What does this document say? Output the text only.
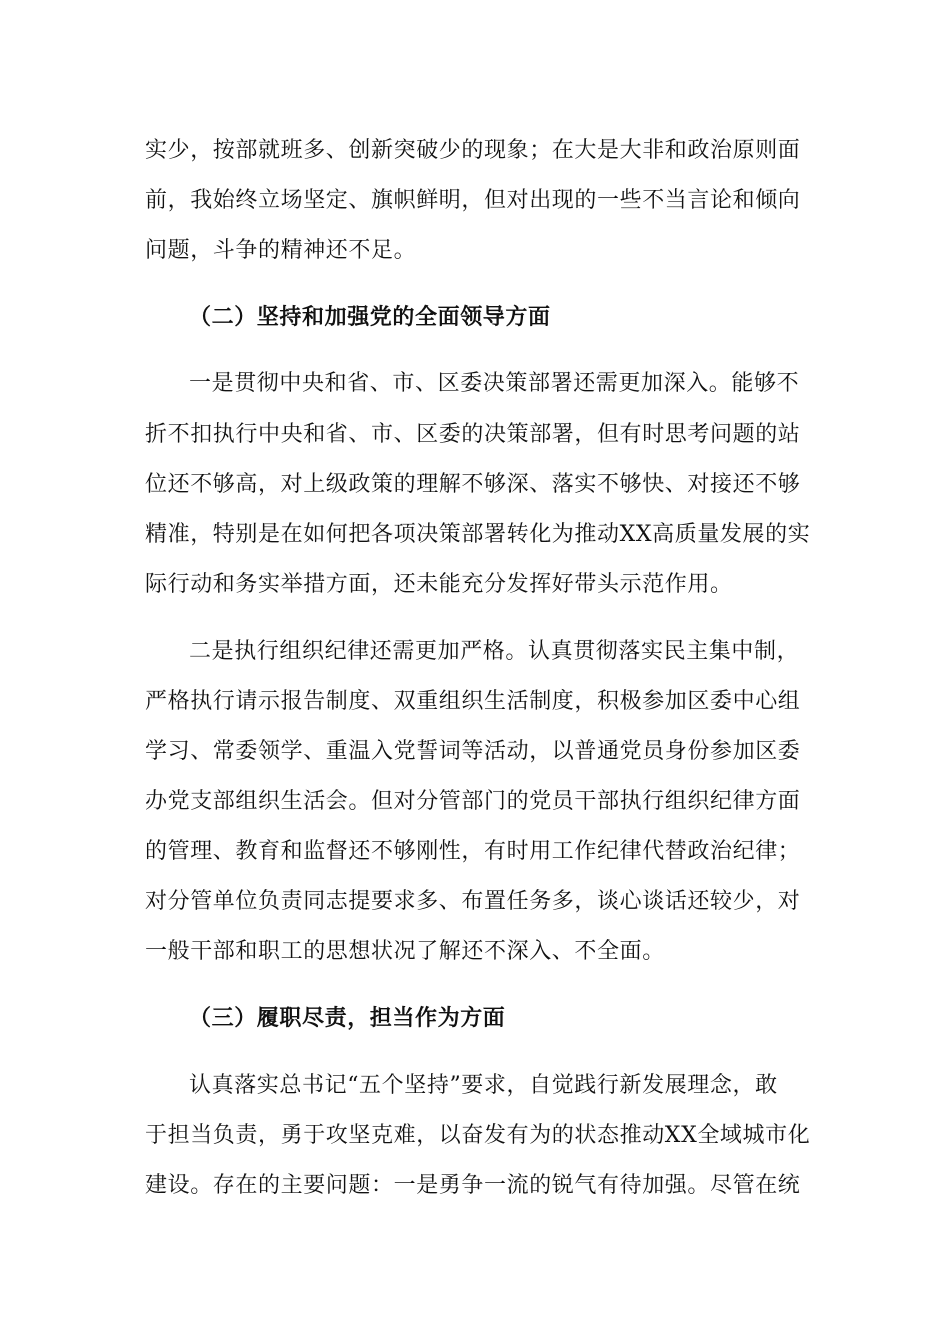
实少，按部就班多、创新突破少的现象；在大是大非和政治原则面
前，我始终立场坚定、旗帜鲜明，但对出现的一些不当言论和倾向
问题，斗争的精神还不足。
（二）坚持和加强党的全面领导方面
一是贯彻中央和省、市、区委决策部署还需更加深入。能够不
折不扣执行中央和省、市、区委的决策部署，但有时思考问题的站
位还不够高，对上级政策的理解不够深、落实不够快、对接还不够
精准，特别是在如何把各项决策部署转化为推动XX高质量发展的实
际行动和务实举措方面，还未能充分发挥好带头示范作用。
二是执行组织纪律还需更加严格。认真贯彻落实民主集中制，
严格执行请示报告制度、双重组织生活制度，积极参加区委中心组
学习、常委领学、重温入党誓词等活动，以普通党员身份参加区委
办党支部组织生活会。但对分管部门的党员干部执行组织纪律方面
的管理、教育和监督还不够刚性，有时用工作纪律代替政治纪律；
对分管单位负责同志提要求多、布置任务多，谈心谈话还较少，对
一般干部和职工的思想状况了解还不深入、不全面。
（三）履职尽责，担当作为方面
认真落实总书记“五个坚持”要求，自觉践行新发展理念，敢
于担当负责，勇于攻坚克难，以奋发有为的状态推动XX全域城市化
建设。存在的主要问题：一是勇争一流的锐气有待加强。尽管在统
